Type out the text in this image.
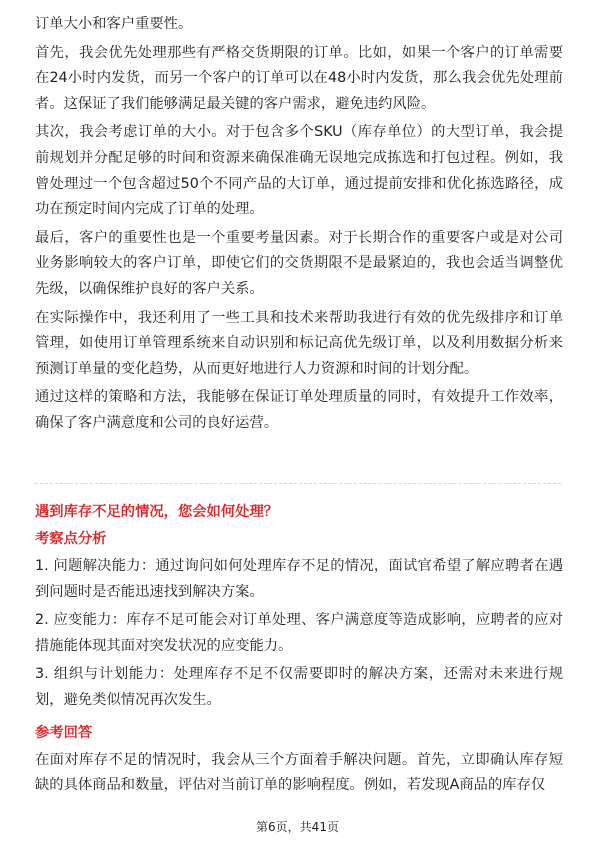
订单大小和客户重要性。

首先，我会优先处理那些有严格交货期限的订单。比如，如果一个客户的订单需要在24小时内发货，而另一个客户的订单可以在48小时内发货，那么我会优先处理前者。这保证了我们能够满足最关键的客户需求，避免违约风险。

其次，我会考虑订单的大小。对于包含多个SKU（库存单位）的大型订单，我会提前规划并分配足够的时间和资源来确保准确无误地完成拣选和打包过程。例如，我曾处理过一个包含超过50个不同产品的大订单，通过提前安排和优化拣选路径，成功在预定时间内完成了订单的处理。

最后，客户的重要性也是一个重要考量因素。对于长期合作的重要客户或是对公司业务影响较大的客户订单，即使它们的交货期限不是最紧迫的，我也会适当调整优先级，以确保维护良好的客户关系。

在实际操作中，我还利用了一些工具和技术来帮助我进行有效的优先级排序和订单管理，如使用订单管理系统来自动识别和标记高优先级订单，以及利用数据分析来预测订单量的变化趋势，从而更好地进行人力资源和时间的计划分配。

通过这样的策略和方法，我能够在保证订单处理质量的同时，有效提升工作效率，确保了客户满意度和公司的良好运营。

遇到库存不足的情况，您会如何处理？
考察点分析

1. 问题解决能力：通过询问如何处理库存不足的情况，面试官希望了解应聘者在遇到问题时是否能迅速找到解决方案。

2. 应变能力：库存不足可能会对订单处理、客户满意度等造成影响，应聘者的应对措施能体现其面对突发状况的应变能力。

3. 组织与计划能力：处理库存不足不仅需要即时的解决方案，还需对未来进行规划，避免类似情况再次发生。

参考回答

在面对库存不足的情况时，我会从三个方面着手解决问题。首先，立即确认库存短缺的具体商品和数量，评估对当前订单的影响程度。例如，若发现A商品的库存仅

第6页，共41页
